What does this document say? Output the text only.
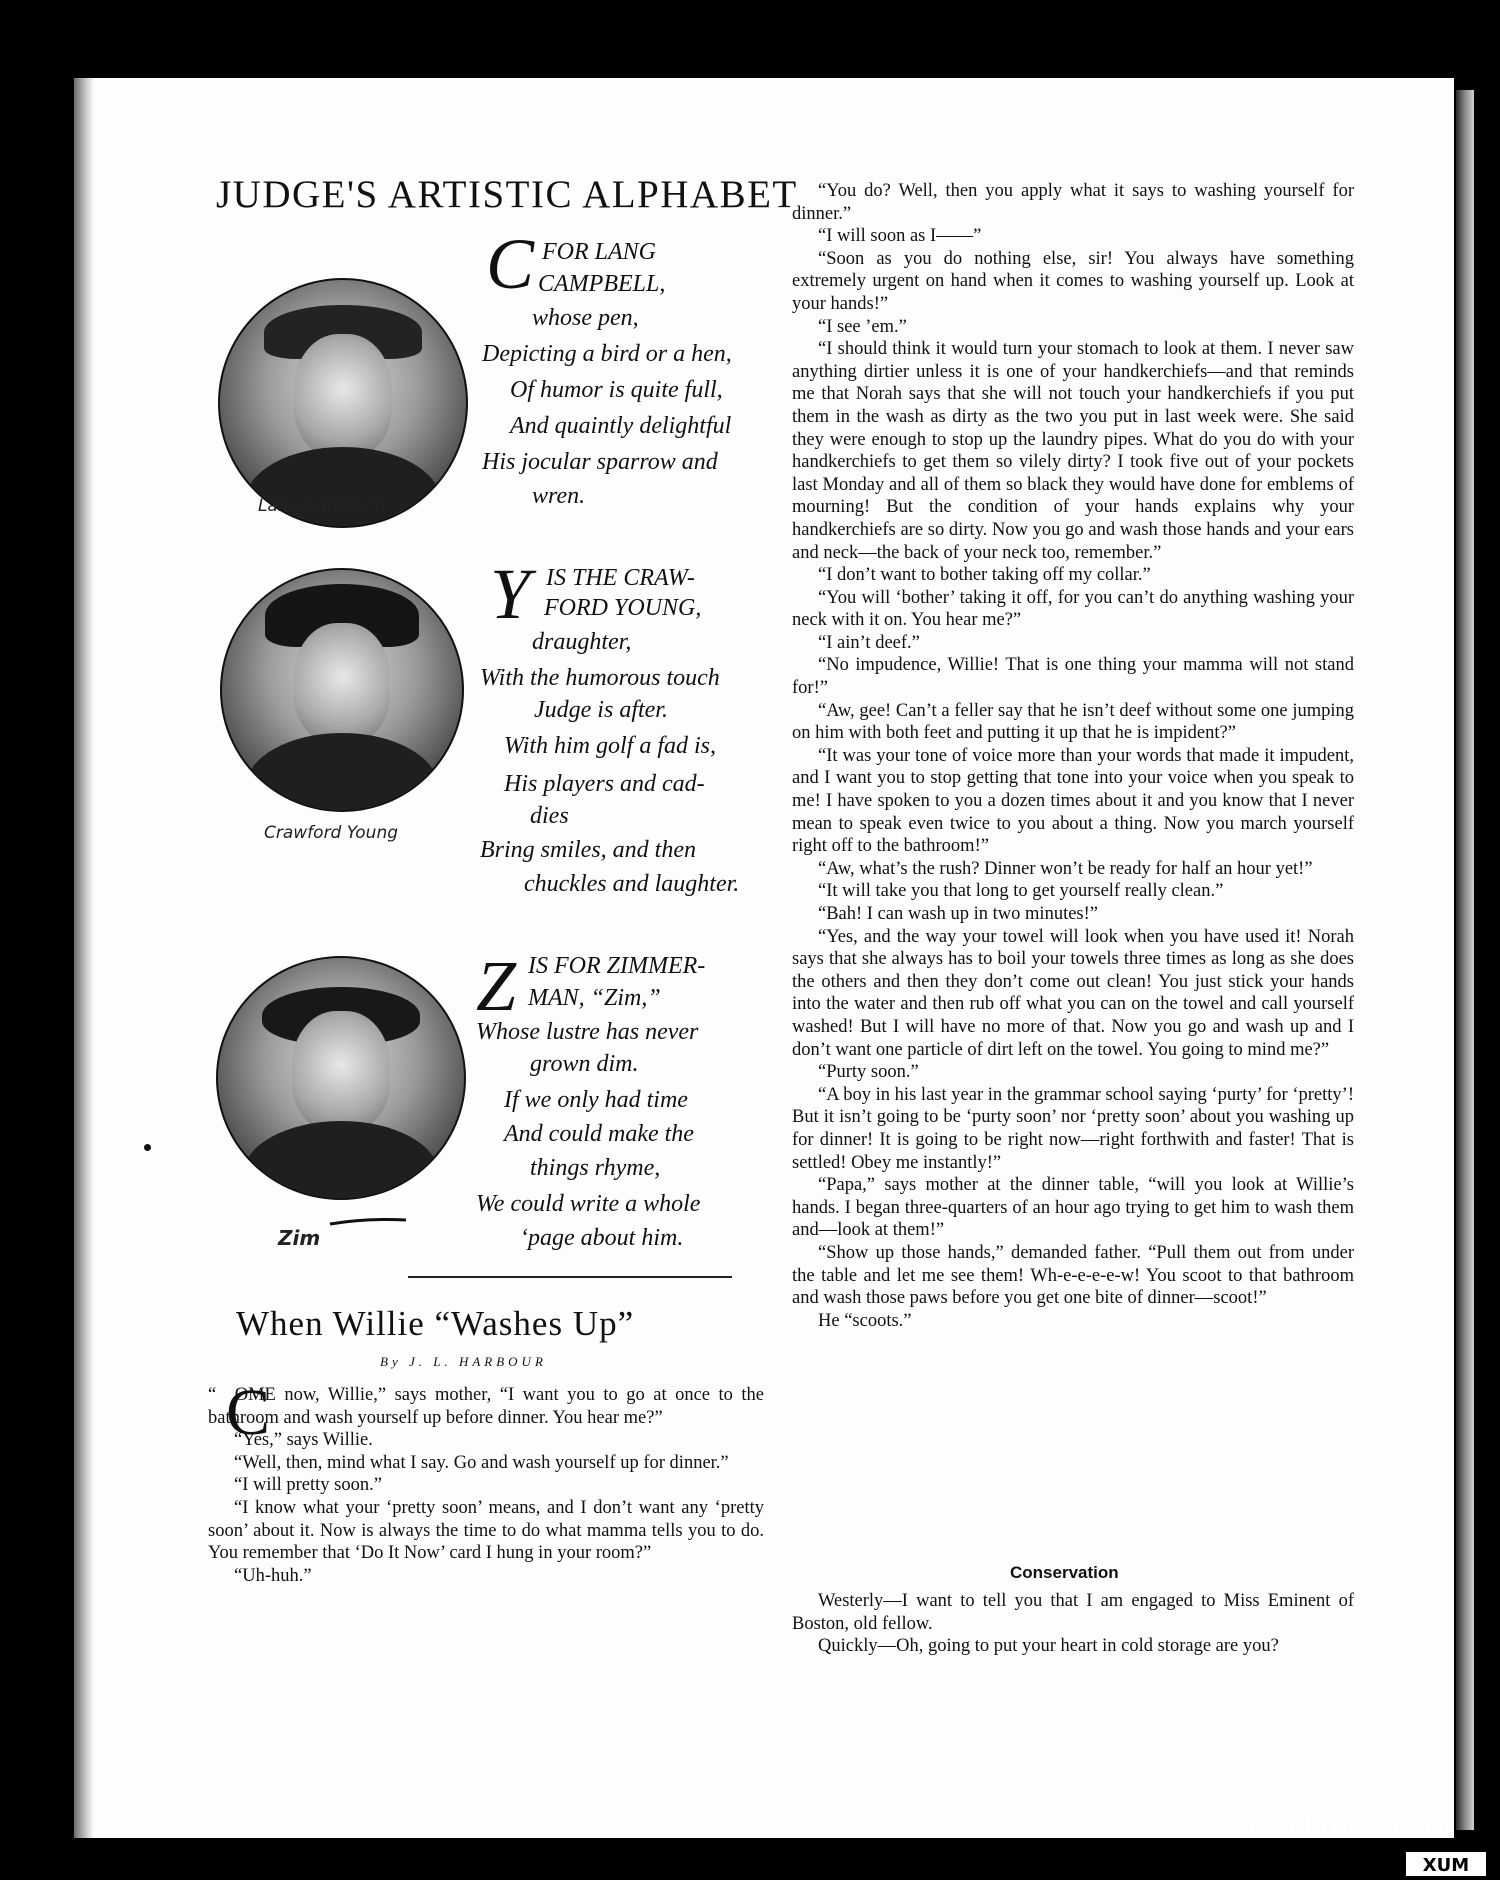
JUDGE'S ARTISTIC ALPHABET
Lang Campbell
C FOR LANG
CAMPBELL,
whose pen,
Depicting a bird or a hen,
Of humor is quite full,
And quaintly delightful
His jocular sparrow and
wren.
Crawford Young
Y IS THE CRAW-
FORD YOUNG,
draughter,
With the humorous touch
Judge is after.
With him golf a fad is,
His players and cad-
dies
Bring smiles, and then
chuckles and laughter.
Zim
Z IS FOR ZIMMER-
MAN, “Zim,”
Whose lustre has never
grown dim.
If we only had time
And could make the
things rhyme,
We could write a whole
‘page about him.
When Willie “Washes Up”
By J. L. HARBOUR
C

“  OME now, Willie,” says mother, “I want you to go at once to the bathroom and wash yourself up before dinner. You hear me?”

“Yes,” says Willie.

“Well, then, mind what I say. Go and wash yourself up for dinner.”

“I will pretty soon.”

“I know what your ‘pretty soon’ means, and I don’t want any ‘pretty soon’ about it. Now is always the time to do what mamma tells you to do. You remember that ‘Do It Now’ card I hung in your room?”

“Uh-huh.”

“You do? Well, then you apply what it says to washing yourself for dinner.”

“I will soon as I——”

“Soon as you do nothing else, sir! You always have something extremely urgent on hand when it comes to washing yourself up. Look at your hands!”

“I see ’em.”

“I should think it would turn your stomach to look at them. I never saw anything dirtier unless it is one of your handkerchiefs—and that reminds me that Norah says that she will not touch your handkerchiefs if you put them in the wash as dirty as the two you put in last week were. She said they were enough to stop up the laundry pipes. What do you do with your handkerchiefs to get them so vilely dirty? I took five out of your pockets last Monday and all of them so black they would have done for emblems of mourning! But the condition of your hands explains why your handkerchiefs are so dirty. Now you go and wash those hands and your ears and neck—the back of your neck too, remember.”

“I don’t want to bother taking off my collar.”

“You will ‘bother’ taking it off, for you can’t do anything washing your neck with it on. You hear me?”

“I ain’t deef.”

“No impudence, Willie! That is one thing your mamma will not stand for!”

“Aw, gee! Can’t a feller say that he isn’t deef without some one jumping on him with both feet and putting it up that he is impident?”

“It was your tone of voice more than your words that made it impudent, and I want you to stop getting that tone into your voice when you speak to me! I have spoken to you a dozen times about it and you know that I never mean to speak even twice to you about a thing. Now you march yourself right off to the bathroom!”

“Aw, what’s the rush? Dinner won’t be ready for half an hour yet!”

“It will take you that long to get yourself really clean.”

“Bah! I can wash up in two minutes!”

“Yes, and the way your towel will look when you have used it! Norah says that she always has to boil your towels three times as long as she does the others and then they don’t come out clean! You just stick your hands into the water and then rub off what you can on the towel and call yourself washed! But I will have no more of that. Now you go and wash up and I don’t want one particle of dirt left on the towel. You going to mind me?”

“Purty soon.”

“A boy in his last year in the grammar school saying ‘purty’ for ‘pretty’! But it isn’t going to be ‘purty soon’ nor ‘pretty soon’ about you washing up for dinner! It is going to be right now—right forthwith and faster! That is settled! Obey me instantly!”

“Papa,” says mother at the dinner table, “will you look at Willie’s hands. I began three-quarters of an hour ago trying to get him to wash them and—look at them!”

“Show up those hands,” demanded father. “Pull them out from under the table and let me see them! Wh-e-e-e-e-w! You scoot to that bathroom and wash those paws before you get one bite of dinner—scoot!”

He “scoots.”

Conservation

Westerly—I want to tell you that I am engaged to Miss Eminent of Boston, old fellow.

Quickly—Oh, going to put your heart in cold storage are you?

comicbooks.com
XUM
